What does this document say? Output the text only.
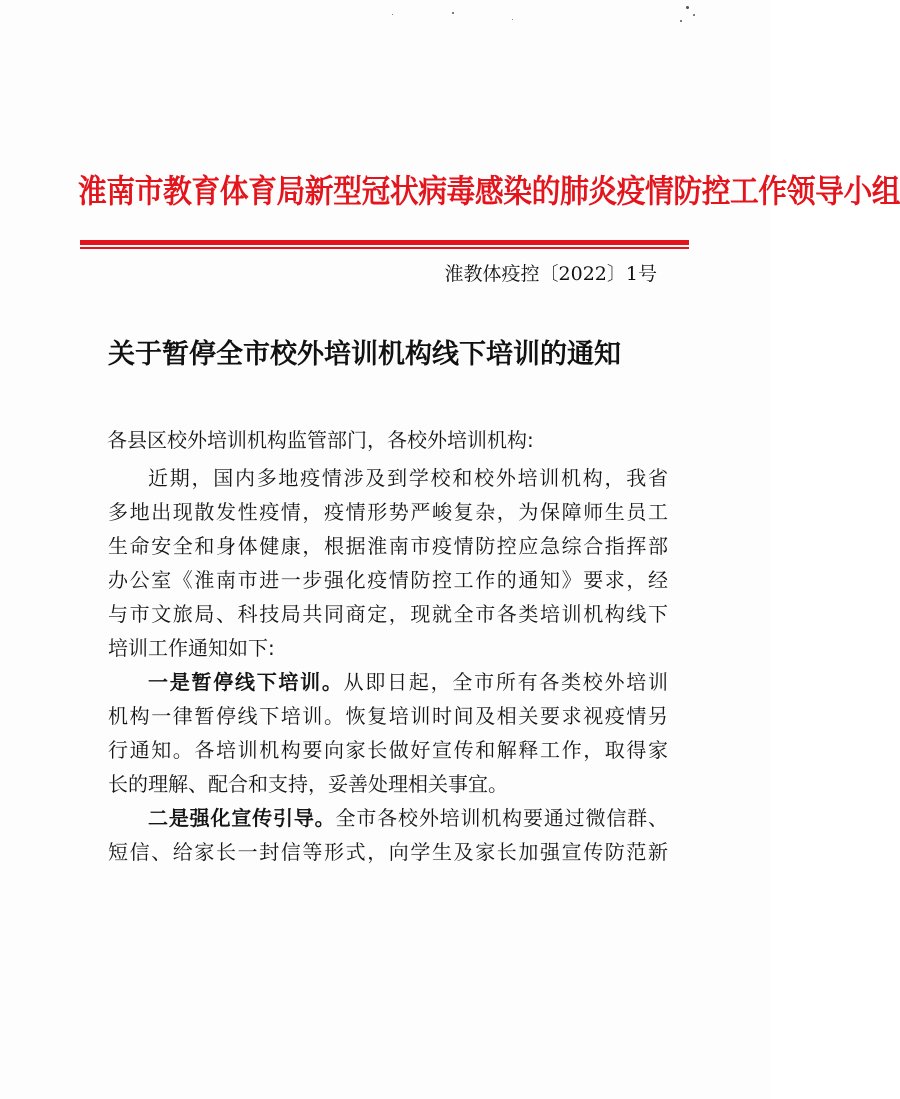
淮南市教育体育局新型冠状病毒感染的肺炎疫情防控工作领导小组
淮教体疫控〔2022〕1号
关于暂停全市校外培训机构线下培训的通知
各县区校外培训机构监管部门，各校外培训机构:
近期，国内多地疫情涉及到学校和校外培训机构，我省
多地出现散发性疫情，疫情形势严峻复杂，为保障师生员工
生命安全和身体健康，根据淮南市疫情防控应急综合指挥部
办公室《淮南市进一步强化疫情防控工作的通知》要求，经
与市文旅局、科技局共同商定，现就全市各类培训机构线下
培训工作通知如下:
一是暂停线下培训。从即日起，全市所有各类校外培训
机构一律暂停线下培训。恢复培训时间及相关要求视疫情另
行通知。各培训机构要向家长做好宣传和解释工作，取得家
长的理解、配合和支持，妥善处理相关事宜。
二是强化宣传引导。全市各校外培训机构要通过微信群、
短信、给家长一封信等形式，向学生及家长加强宣传防范新
